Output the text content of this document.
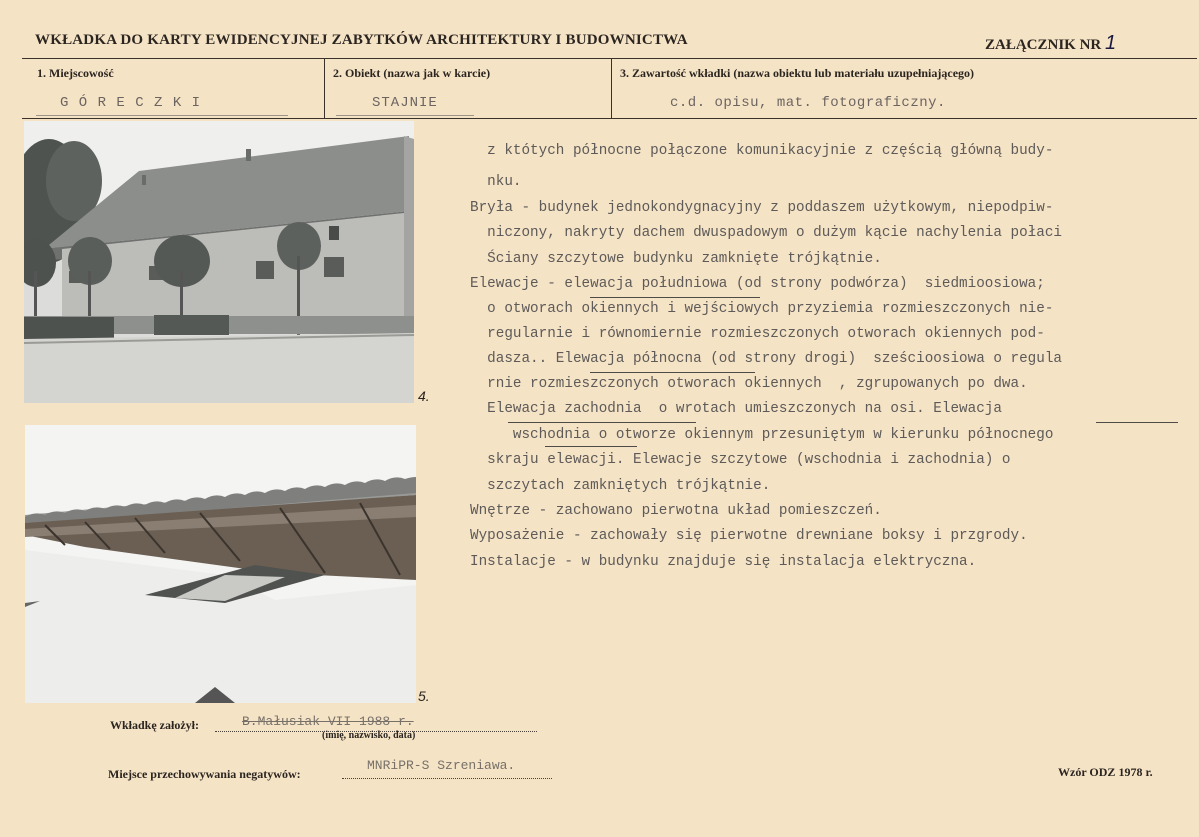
WKŁADKA DO KARTY EWIDENCYJNEJ ZABYTKÓW ARCHITEKTURY I BUDOWNICTWA	ZAŁĄCZNIK NR 1
1. Miejscowość	2. Obiekt (nazwa jak w karcie)	3. Zawartość wkładki (nazwa obiektu lub materiału uzupełniającego)
G Ó R E C Z K I	STAJNIE	c.d. opisu, mat. fotograficzny.
4.
5.
z któtych północne połączone komunikacyjnie z częścią główną budy-
nku.
Bryła - budynek jednokondygnacyjny z poddaszem użytkowym, niepodpiw-
niczony, nakryty dachem dwuspadowym o dużym kącie nachylenia połaci
Ściany szczytowe budynku zamknięte trójkątnie.
Elewacje - elewacja południowa (od strony podwórza)  siedmioosiowa;
o otworach okiennych i wejściowych przyziemia rozmieszczonych nie-
regularnie i równomiernie rozmieszczonych otworach okiennych pod-
dasza.. Elewacja północna (od strony drogi)  sześcioosiowa o regula
rnie rozmieszczonych otworach okiennych  , zgrupowanych po dwa.
Elewacja zachodnia  o wrotach umieszczonych na osi. Elewacja
wschodnia o otworze okiennym przesuniętym w kierunku północnego
skraju elewacji. Elewacje szczytowe (wschodnia i zachodnia) o
szczytach zamkniętych trójkątnie.
Wnętrze - zachowano pierwotna układ pomieszczeń.
Wyposażenie - zachowały się pierwotne drewniane boksy i przgrody.
Instalacje - w budynku znajduje się instalacja elektryczna.
Wkładkę założył:	B.Małusiak VII 1988 r.
(imię, nazwisko, data)
Miejsce przechowywania negatywów:
MNRiPR-S Szreniawa.	Wzór ODZ 1978 r.
